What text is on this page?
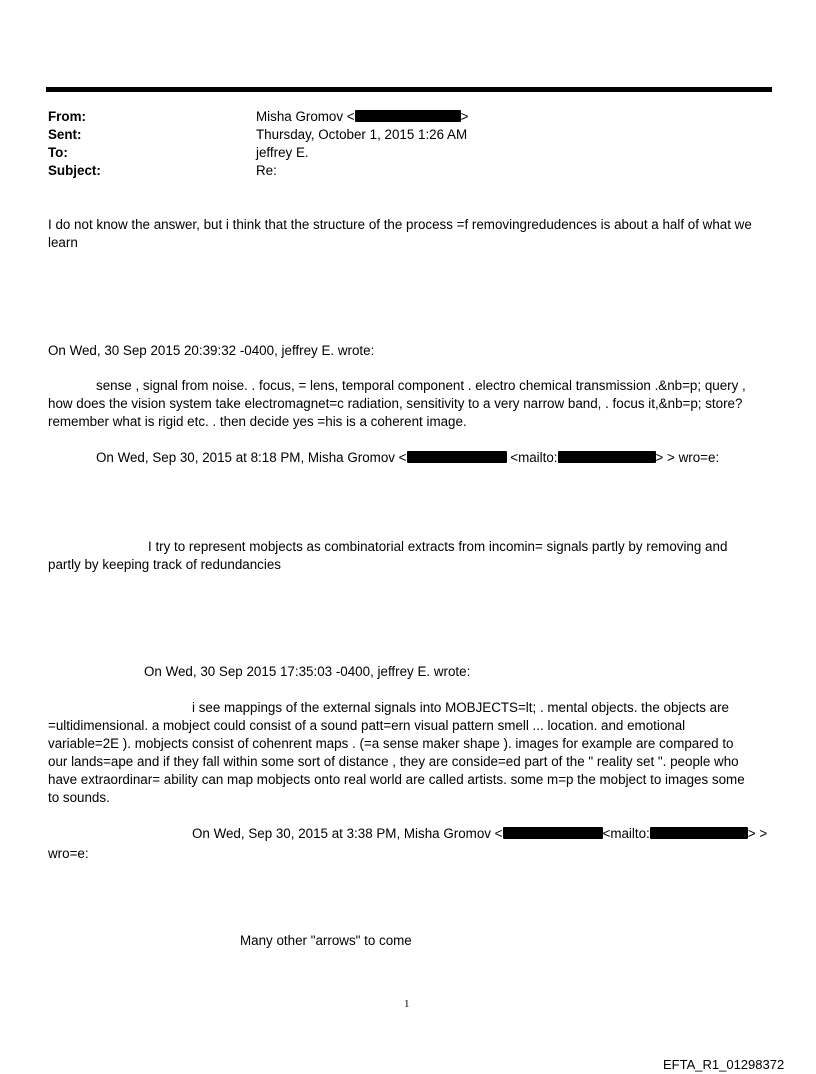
From:	Misha Gromov <	>
Sent:	Thursday, October 1, 2015 1:26 AM
To:	jeffrey E.
Subject:	Re:
I do not know the answer, but i think that the structure of the process =f removingredudences is about a half of what we
learn
On Wed, 30 Sep 2015 20:39:32 -0400, jeffrey E. wrote:
sense , signal from noise. . focus, = lens, temporal component . electro chemical transmission .&nb=p; query ,
how does the vision system take electromagnet=c radiation, sensitivity to a very narrow band, . focus it,&nb=p; store?
remember what is rigid etc. . then decide yes =his is a coherent image.
On Wed, Sep 30, 2015 at 8:18 PM, Misha Gromov <	<mailto:	> > wro=e:
I try to represent mobjects as combinatorial extracts from incomin= signals partly by removing and
partly by keeping track of redundancies
On Wed, 30 Sep 2015 17:35:03 -0400, jeffrey E. wrote:
i see mappings of the external signals into MOBJECTS=lt; . mental objects. the objects are
=ultidimensional. a mobject could consist of a sound patt=ern visual pattern smell ... location. and emotional
variable=2E ). mobjects consist of cohenrent maps . (=a sense maker shape ). images for example are compared to
our lands=ape and if they fall within some sort of distance , they are conside=ed part of the " reality set ". people who
have extraordinar= ability can map mobjects onto real world are called artists. some m=p the mobject to images some
to sounds.
On Wed, Sep 30, 2015 at 3:38 PM, Misha Gromov <	<mailto:	> >
wro=e:
Many other "arrows" to come
1
EFTA_R1_01298372
